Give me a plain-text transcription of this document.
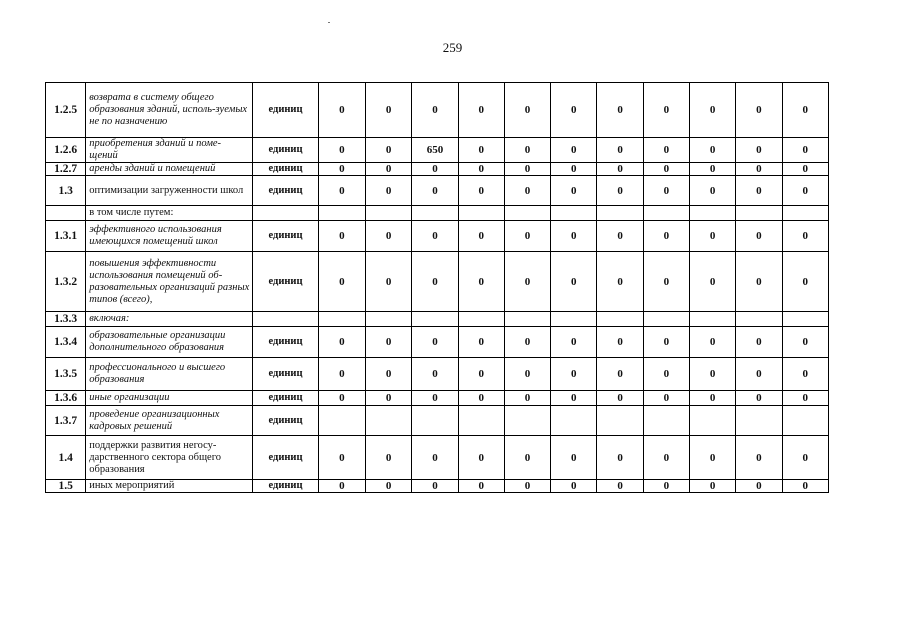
259
1.2.5	возврата в систему общего образования зданий, исполь-зуемых не по назначению	единиц	0	0	0	0	0	0	0	0	0	0	0
1.2.6	приобретения зданий и поме-щений	единиц	0	0	650	0	0	0	0	0	0	0	0
1.2.7	аренды зданий и помещений	единиц	0	0	0	0	0	0	0	0	0	0	0
1.3	оптимизации загруженности школ	единиц	0	0	0	0	0	0	0	0	0	0	0
	в том числе путем:												
1.3.1	эффективного использования имеющихся помещений школ	единиц	0	0	0	0	0	0	0	0	0	0	0
1.3.2	повышения эффективности использования помещений об-разовательных организаций разных типов (всего),	единиц	0	0	0	0	0	0	0	0	0	0	0
1.3.3	включая:												
1.3.4	образовательные организации дополнительного образования	единиц	0	0	0	0	0	0	0	0	0	0	0
1.3.5	профессионального и высшего образования	единиц	0	0	0	0	0	0	0	0	0	0	0
1.3.6	иные организации	единиц	0	0	0	0	0	0	0	0	0	0	0
1.3.7	проведение организационных кадровых решений	единиц											
1.4	поддержки развития негосу-дарственного сектора общего образования	единиц	0	0	0	0	0	0	0	0	0	0	0
1.5	иных мероприятий	единиц	0	0	0	0	0	0	0	0	0	0	0
